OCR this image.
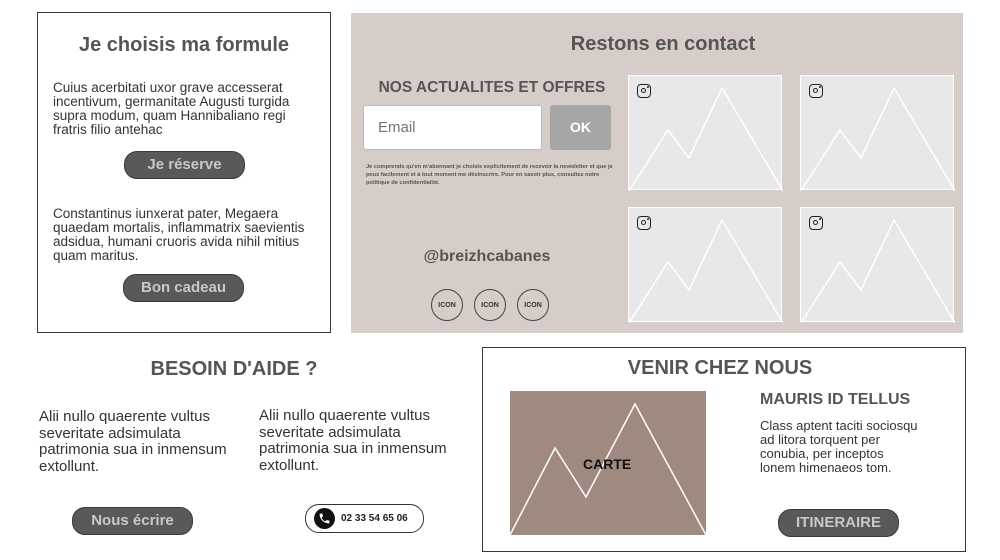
Je choisis ma formule
Cuius acerbitati uxor grave accesserat incentivum, germanitate Augusti turgida supra modum, quam Hannibaliano regi fratris filio antehac
Je réserve
Constantinus iunxerat pater, Megaera quaedam mortalis, inflammatrix saevientis adsidua, humani cruoris avida nihil mitius quam maritus.
Bon cadeau
Restons en contact
NOS ACTUALITES ET OFFRES
Email
OK
Je comprends qu'en m'abonnant je choisis explicitement de recevoir la newsletter et que je peux facilement et à tout moment me désinscrire. Pour en savoir plus, consultez notre politique de confidentialité.
@breizhcabanes
ICON	ICON	ICON
BESOIN D'AIDE ?
Alii nullo quaerente vultus severitate adsimulata patrimonia sua in inmensum extollunt.
Alii nullo quaerente vultus severitate adsimulata patrimonia sua in inmensum extollunt.
Nous écrire	02 33 54 65 06
VENIR CHEZ NOUS
CARTE
MAURIS ID TELLUS
Class aptent taciti sociosqu ad litora torquent per conubia, per inceptos lonem himenaeos tom.
ITINERAIRE
